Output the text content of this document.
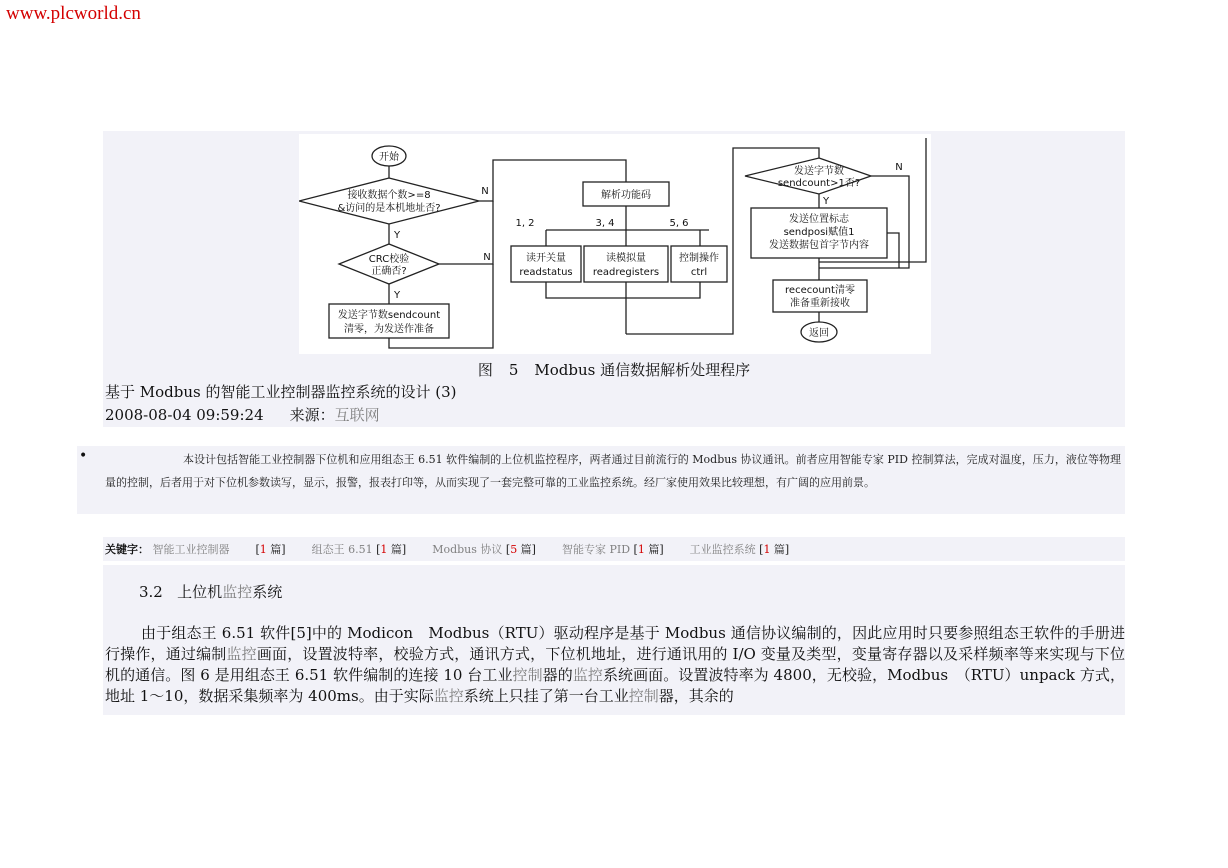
www.plcworld.cn
开始
接收数据个数>=8
&访问的是本机地址否?
CRC校验
正确否?
发送字节数sendcount
清零，为发送作准备
解析功能码
1, 2	3, 4	5, 6
读开关量
readstatus
读模拟量
readregisters
控制操作
ctrl
发送字节数
sendcount>1否?
发送位置标志
sendposi赋值1
发送数据包首字节内容
rececount清零
准备重新接收
返回
Y
Y
N
N
Y
N
图 5 Modbus 通信数据解析处理程序
基于 Modbus 的智能工业控制器监控系统的设计 (3)
2008-08-04 09:59:24 来源：互联网
•	本设计包括智能工业控制器下位机和应用组态王 6.51 软件编制的上位机监控程序，两者通过目前流行的 Modbus 协议通讯。前者应用智能专家 PID 控制算法，完成对温度，压力，液位等物理量的控制，后者用于对下位机参数读写，显示，报警，报表打印等，从而实现了一套完整可靠的工业监控系统。经厂家使用效果比较理想，有广阔的应用前景。
关键字： 智能工业控制器 [1 篇] 组态王 6.51 [1 篇] Modbus 协议 [5 篇] 智能专家 PID [1 篇] 工业监控系统 [1 篇]
3.2 上位机监控系统
由于组态王 6.51 软件[5]中的 Modicon　Modbus（RTU）驱动程序是基于 Modbus 通信协议编制的，因此应用时只要参照组态王软件的手册进行操作，通过编制监控画面，设置波特率，校验方式，通讯方式，下位机地址，进行通讯用的 I/O 变量及类型，变量寄存器以及采样频率等来实现与下位机的通信。图 6 是用组态王 6.51 软件编制的连接 10 台工业控制器的监控系统画面。设置波特率为 4800，无校验，Modbus　（RTU）unpack 方式，地址 1～10，数据采集频率为 400ms。由于实际监控系统上只挂了第一台工业控制器，其余的
